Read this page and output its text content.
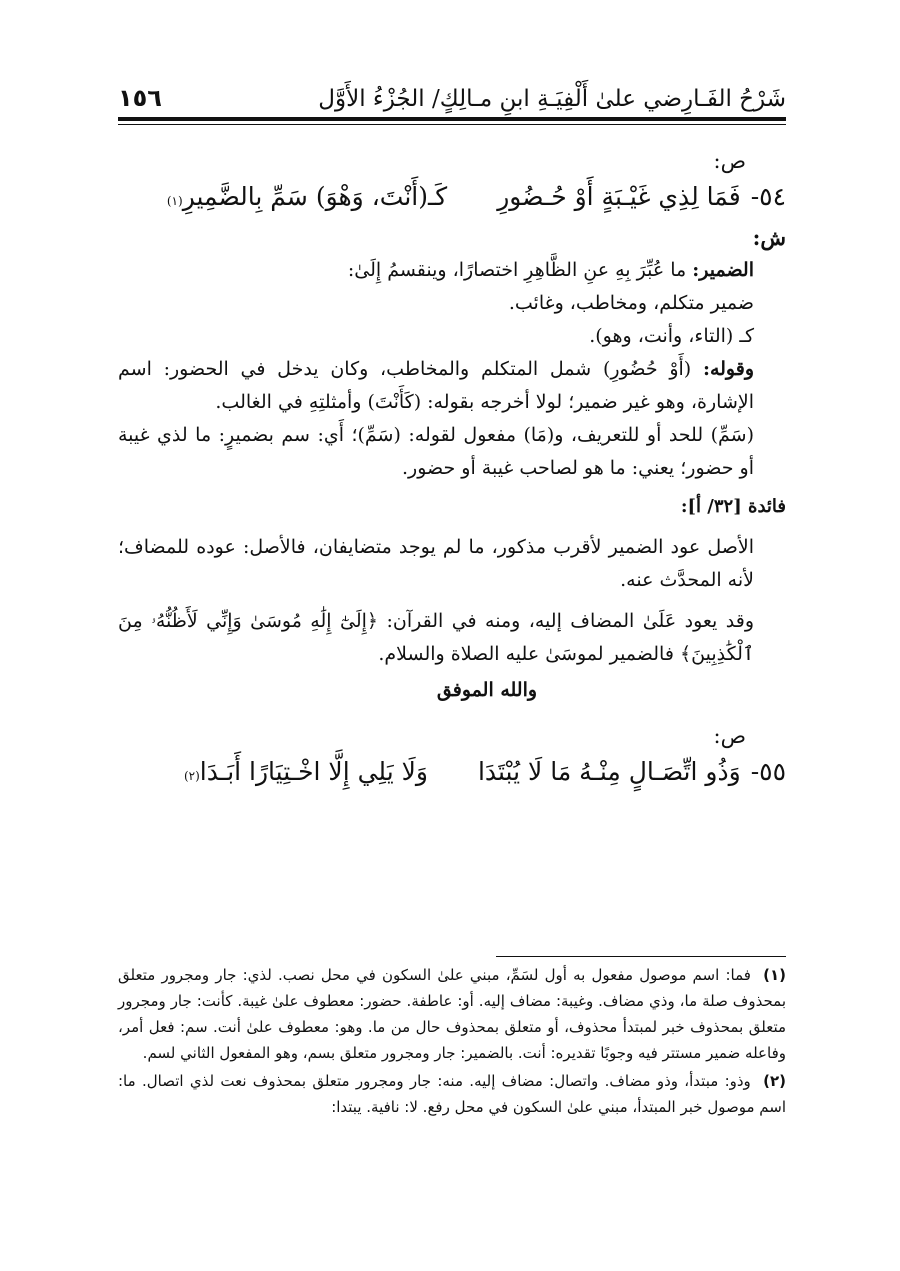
شَرْحُ الفَـارِضي علىٰ أَلْفِيَـةِ ابنِ مـالِكٍ/ الجُزْءُ الأَوَّل
١٥٦

ص:

٥٤-
فَمَا لِذِي غَيْـبَةٍ أَوْ حُـضُورِ
كَـ(أَنْتَ، وَهْوَ) سَمِّ بِالضَّمِيرِ
(١)

ش:

الضمير: ما عُبِّرَ بِهِ عنِ الظَّاهِرِ اختصارًا، وينقسمُ إِلَىٰ:

ضمير متكلم، ومخاطب، وغائب.

كـ (التاء، وأنت، وهو).

وقوله: (أَوْ حُضُورِ) شمل المتكلم والمخاطب، وكان يدخل في الحضور: اسم الإشارة، وهو غير ضمير؛ لولا أخرجه بقوله: (كَأَنْتَ) وأمثلتِهِ في الغالب.

(سَمِّ) للحد أو للتعريف، و(مَا) مفعول لقوله: (سَمِّ)؛ أَي: سم بضميرٍ: ما لذي غيبة أو حضور؛ يعني: ما هو لصاحب غيبة أو حضور.

فائدة [٣٢/ أ]:

الأصل عود الضمير لأقرب مذكور، ما لم يوجد متضايفان، فالأصل: عوده للمضاف؛ لأنه المحدَّث عنه.

وقد يعود عَلَىٰ المضاف إليه، ومنه في القرآن: ﴿إِلَىٰٓ إِلَٰهِ مُوسَىٰ وَإِنِّي لَأَظُنُّهُۥ مِنَ ٱلْكَٰذِبِينَ﴾ فالضمير لموسَىٰ عليه الصلاة والسلام.

والله الموفق

ص:

٥٥-
وَذُو اتِّصَـالٍ مِنْـهُ مَا لَا يُبْتَدَا
وَلَا يَلِي إِلَّا اخْـتِيَارًا أَبَـدَا
(٢)

(١) فما: اسم موصول مفعول به أول لسَمِّ، مبني علىٰ السكون في محل نصب. لذي: جار ومجرور متعلق بمحذوف صلة ما، وذي مضاف. وغيبة: مضاف إليه. أو: عاطفة. حضور: معطوف علىٰ غيبة. كأنت: جار ومجرور متعلق بمحذوف خبر لمبتدأ محذوف، أو متعلق بمحذوف حال من ما. وهو: معطوف علىٰ أنت. سم: فعل أمر، وفاعله ضمير مستتر فيه وجوبًا تقديره: أنت. بالضمير: جار ومجرور متعلق بسم، وهو المفعول الثاني لسم.

(٢) وذو: مبتدأ، وذو مضاف. واتصال: مضاف إليه. منه: جار ومجرور متعلق بمحذوف نعت لذي اتصال. ما: اسم موصول خبر المبتدأ، مبني علىٰ السكون في محل رفع. لا: نافية. يبتدا:
